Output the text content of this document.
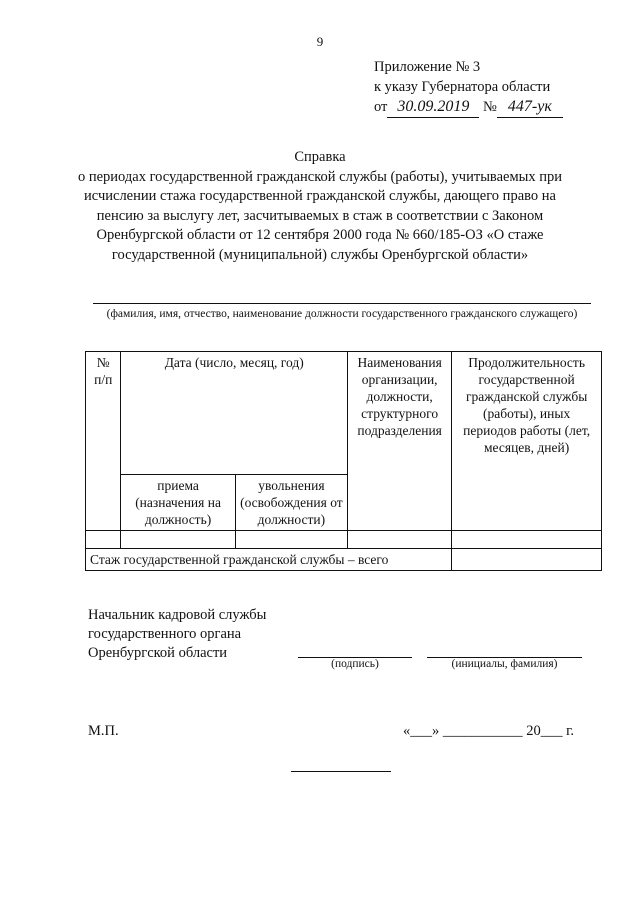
9
Приложение № 3
к указу Губернатора области
от 30.09.2019 № 447-ук
Справка
о периодах государственной гражданской службы (работы), учитываемых при исчислении стажа государственной гражданской службы, дающего право на пенсию за выслугу лет, засчитываемых в стаж в соответствии с Законом Оренбургской области от 12 сентября 2000 года № 660/185-ОЗ «О стаже государственной (муниципальной) службы Оренбургской области»
(фамилия, имя, отчество, наименование должности государственного гражданского служащего)
№ п/п	Дата (число, месяц, год)		Наименования организации, должности, структурного подразделения	Продолжительность государственной гражданской службы (работы), иных периодов работы (лет, месяцев, дней)
	приема (назначения на должность)	увольнения (освобождения от должности)		

Стаж государственной гражданской службы – всего				
Начальник кадровой службы
государственного органа
Оренбургской области
(подпись)	(инициалы, фамилия)
М.П.	«___» ___________ 20___ г.
